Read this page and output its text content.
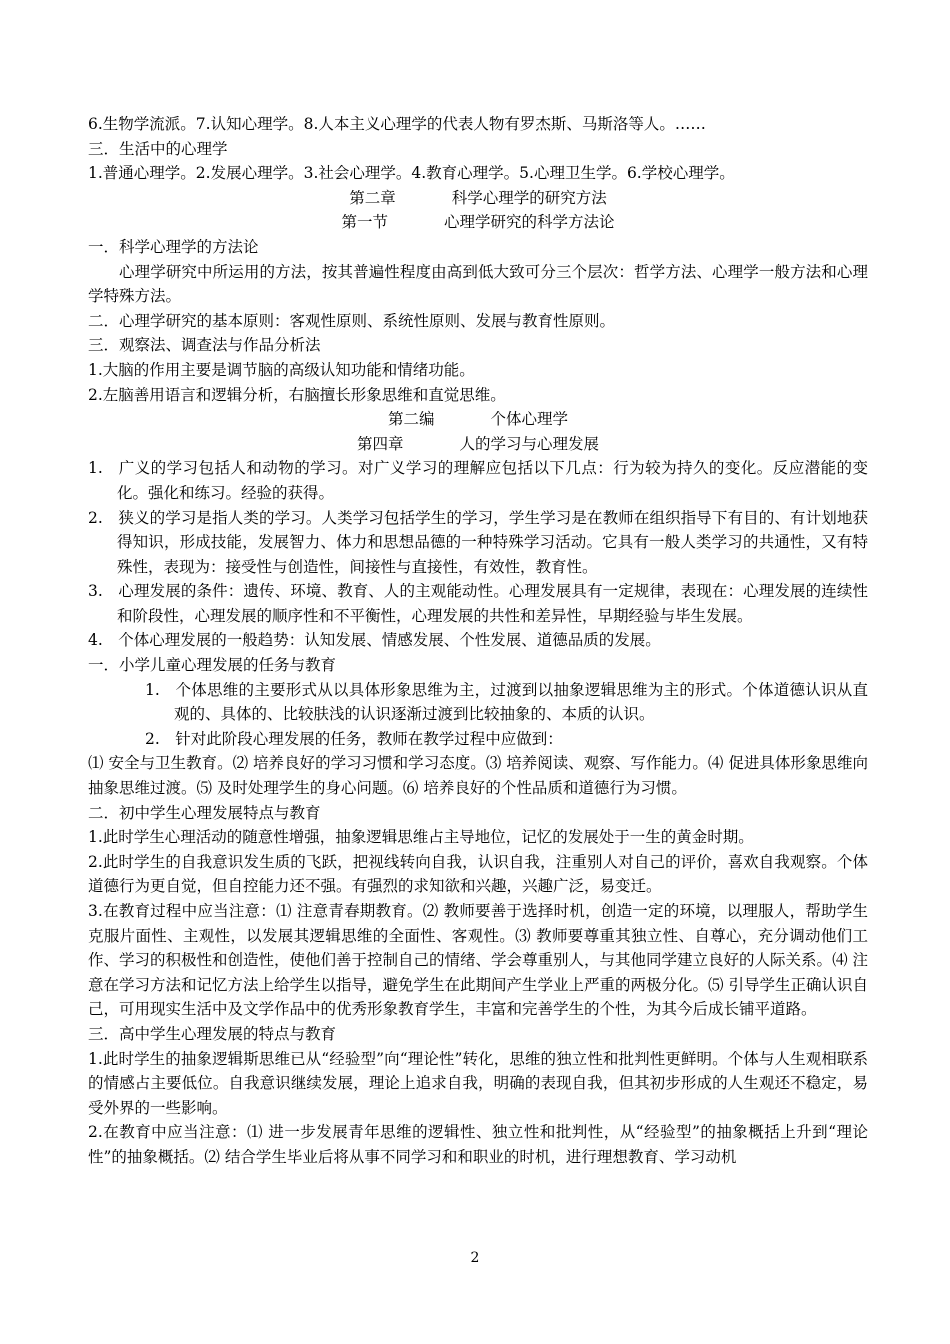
6.生物学流派。7.认知心理学。8.人本主义心理学的代表人物有罗杰斯、马斯洛等人。……
三．生活中的心理学
1.普通心理学。2.发展心理学。3.社会心理学。4.教育心理学。5.心理卫生学。6.学校心理学。
第二章	科学心理学的研究方法
第一节	心理学研究的科学方法论
一．科学心理学的方法论
心理学研究中所运用的方法，按其普遍性程度由高到低大致可分三个层次：哲学方法、心理学一般方法和心理学特殊方法。
二．心理学研究的基本原则：客观性原则、系统性原则、发展与教育性原则。
三．观察法、调查法与作品分析法
1.大脑的作用主要是调节脑的高级认知功能和情绪功能。
2.左脑善用语言和逻辑分析，右脑擅长形象思维和直觉思维。
第二编	个体心理学
第四章	人的学习与心理发展
1. 广义的学习包括人和动物的学习。对广义学习的理解应包括以下几点：行为较为持久的变化。反应潜能的变化。强化和练习。经验的获得。
2. 狭义的学习是指人类的学习。人类学习包括学生的学习，学生学习是在教师在组织指导下有目的、有计划地获得知识，形成技能，发展智力、体力和思想品德的一种特殊学习活动。它具有一般人类学习的共通性，又有特殊性，表现为：接受性与创造性，间接性与直接性，有效性，教育性。
3. 心理发展的条件：遗传、环境、教育、人的主观能动性。心理发展具有一定规律，表现在：心理发展的连续性和阶段性，心理发展的顺序性和不平衡性，心理发展的共性和差异性，早期经验与毕生发展。
4. 个体心理发展的一般趋势：认知发展、情感发展、个性发展、道德品质的发展。
一．小学儿童心理发展的任务与教育
1. 个体思维的主要形式从以具体形象思维为主，过渡到以抽象逻辑思维为主的形式。个体道德认识从直观的、具体的、比较肤浅的认识逐渐过渡到比较抽象的、本质的认识。
2. 针对此阶段心理发展的任务，教师在教学过程中应做到：
⑴ 安全与卫生教育。⑵ 培养良好的学习习惯和学习态度。⑶ 培养阅读、观察、写作能力。⑷ 促进具体形象思维向抽象思维过渡。⑸ 及时处理学生的身心问题。⑹ 培养良好的个性品质和道德行为习惯。
二．初中学生心理发展特点与教育
1.此时学生心理活动的随意性增强，抽象逻辑思维占主导地位，记忆的发展处于一生的黄金时期。
2.此时学生的自我意识发生质的飞跃，把视线转向自我，认识自我，注重别人对自己的评价，喜欢自我观察。个体道德行为更自觉，但自控能力还不强。有强烈的求知欲和兴趣，兴趣广泛，易变迁。
3.在教育过程中应当注意：⑴ 注意青春期教育。⑵ 教师要善于选择时机，创造一定的环境，以理服人，帮助学生克服片面性、主观性，以发展其逻辑思维的全面性、客观性。⑶ 教师要尊重其独立性、自尊心，充分调动他们工作、学习的积极性和创造性，使他们善于控制自己的情绪、学会尊重别人，与其他同学建立良好的人际关系。⑷ 注意在学习方法和记忆方法上给学生以指导，避免学生在此期间产生学业上严重的两极分化。⑸ 引导学生正确认识自己，可用现实生活中及文学作品中的优秀形象教育学生，丰富和完善学生的个性，为其今后成长铺平道路。
三．高中学生心理发展的特点与教育
1.此时学生的抽象逻辑斯思维已从“经验型”向“理论性”转化，思维的独立性和批判性更鲜明。个体与人生观相联系的情感占主要低位。自我意识继续发展，理论上追求自我，明确的表现自我，但其初步形成的人生观还不稳定，易受外界的一些影响。
2.在教育中应当注意：⑴ 进一步发展青年思维的逻辑性、独立性和批判性，从“经验型”的抽象概括上升到“理论性”的抽象概括。⑵ 结合学生毕业后将从事不同学习和和职业的时机，进行理想教育、学习动机
2
